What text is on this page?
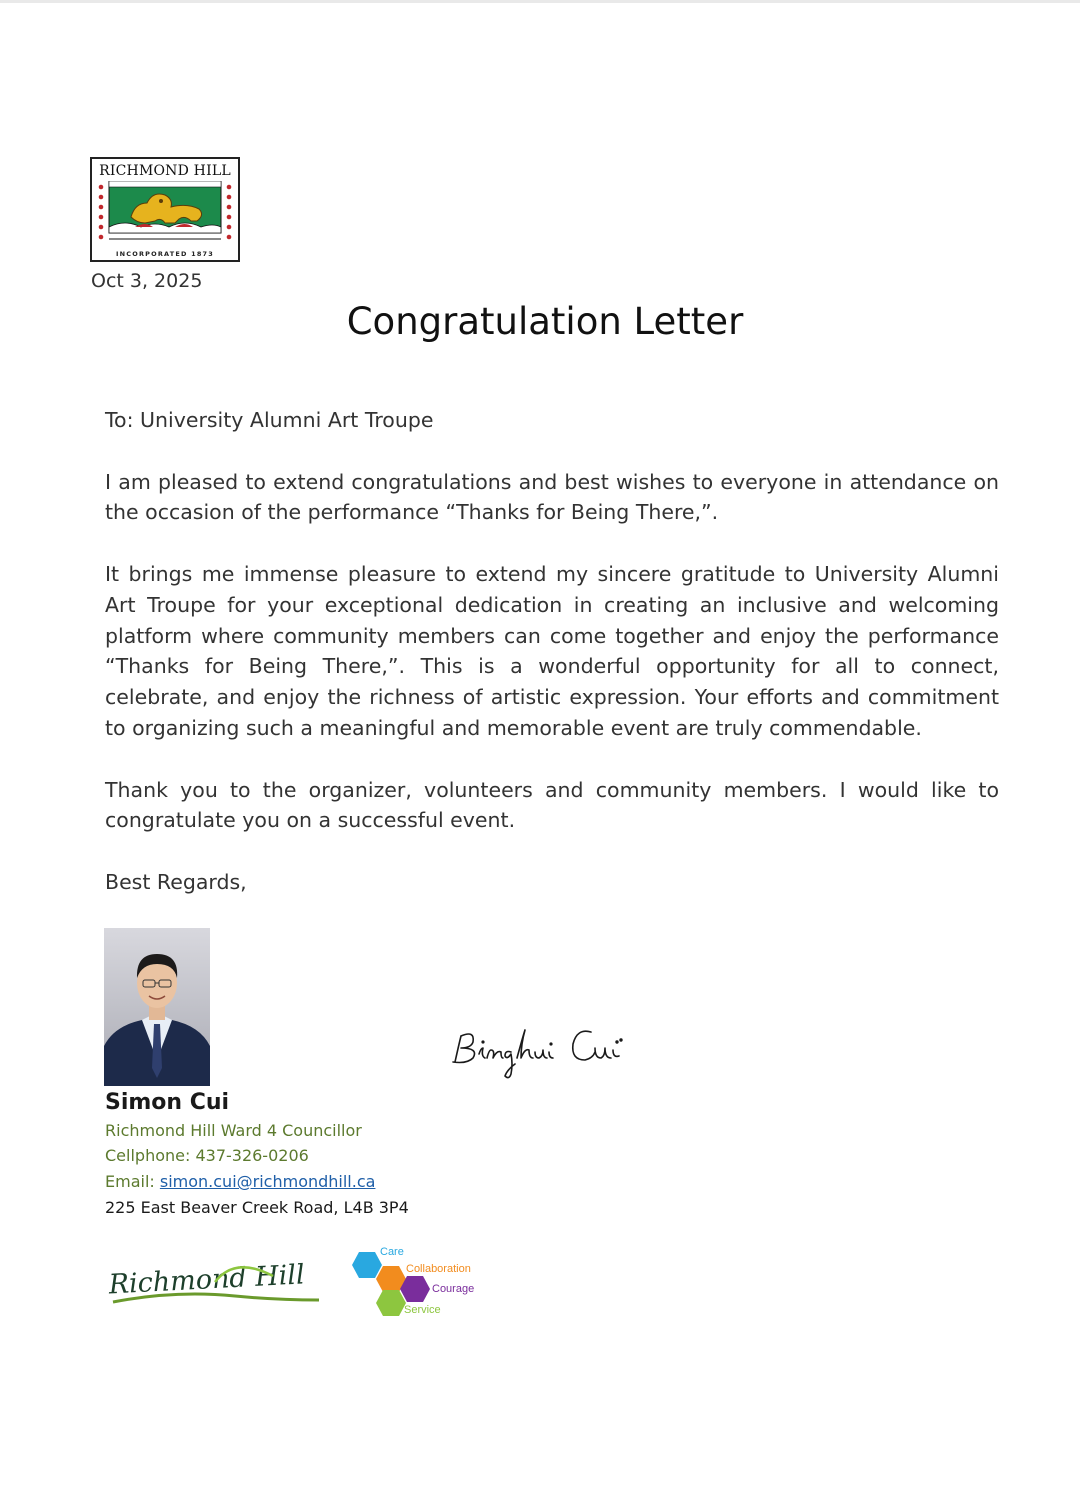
RICHMOND HILL
INCORPORATED 1873
Oct 3, 2025
Congratulation Letter

To: University Alumni Art Troupe

I am pleased to extend congratulations and best wishes to everyone in attendance on the occasion of the performance “Thanks for Being There,”.

It brings me immense pleasure to extend my sincere gratitude to University Alumni Art Troupe for your exceptional dedication in creating an inclusive and welcoming platform where community members can come together and enjoy the performance “Thanks for Being There,”. This is a wonderful opportunity for all to connect, celebrate, and enjoy the richness of artistic expression. Your efforts and commitment to organizing such a meaningful and memorable event are truly commendable.

Thank you to the organizer, volunteers and community members. I would like to congratulate you on a successful event.

Best Regards,

Simon Cui
Richmond Hill Ward 4 Councillor
Cellphone: 437-326-0206
Email: simon.cui@richmondhill.ca
225 East Beaver Creek Road, L4B 3P4
Richmond Hill
Care
Collaboration
Courage
Service
